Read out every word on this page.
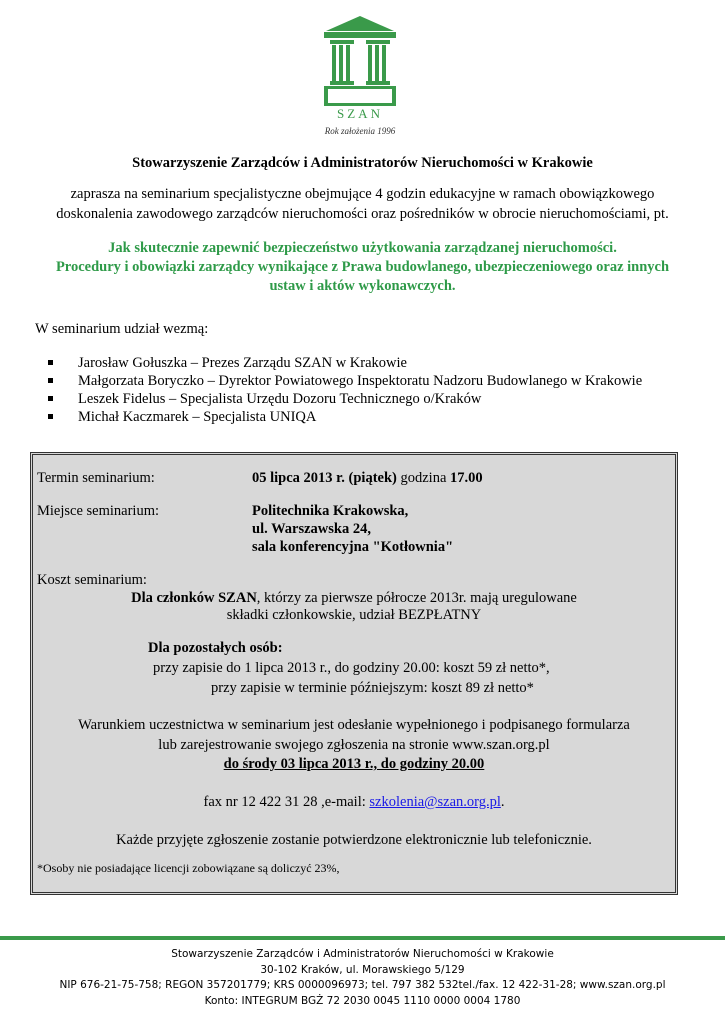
SZAN
Rok założenia 1996
Stowarzyszenie Zarządców i Administratorów Nieruchomości w Krakowie
zaprasza na seminarium specjalistyczne obejmujące 4 godzin edukacyjne w ramach obowiązkowego
doskonalenia zawodowego zarządców nieruchomości oraz pośredników w obrocie nieruchomościami, pt.
Jak skutecznie zapewnić bezpieczeństwo użytkowania zarządzanej nieruchomości.
Procedury i obowiązki zarządcy wynikające z Prawa budowlanego, ubezpieczeniowego oraz innych
ustaw i aktów wykonawczych.
W seminarium udział wezmą:
Jarosław Gołuszka – Prezes Zarządu SZAN w Krakowie
Małgorzata Boryczko – Dyrektor Powiatowego Inspektoratu Nadzoru Budowlanego w Krakowie
Leszek Fidelus – Specjalista Urzędu Dozoru Technicznego o/Kraków
Michał Kaczmarek – Specjalista UNIQA
Termin seminarium:	05 lipca 2013 r. (piątek) godzina 17.00
Miejsce seminarium:	Politechnika Krakowska,
ul. Warszawska 24,
sala konferencyjna "Kotłownia"
Koszt seminarium:
Dla członków SZAN, którzy za pierwsze półrocze 2013r. mają uregulowane
składki członkowskie, udział BEZPŁATNY
Dla pozostałych osób:
przy zapisie do 1 lipca 2013 r., do godziny 20.00: koszt 59 zł netto*,
przy zapisie w terminie późniejszym: koszt 89 zł netto*
Warunkiem uczestnictwa w seminarium jest odesłanie wypełnionego i podpisanego formularza
lub zarejestrowanie swojego zgłoszenia na stronie www.szan.org.pl
do środy 03 lipca 2013 r., do godziny 20.00
fax nr 12 422 31 28 ,e-mail: szkolenia@szan.org.pl.
Każde przyjęte zgłoszenie zostanie potwierdzone elektronicznie lub telefonicznie.
*Osoby nie posiadające licencji zobowiązane są doliczyć 23%,
Stowarzyszenie Zarządców i Administratorów Nieruchomości w Krakowie
30-102 Kraków, ul. Morawskiego 5/129
NIP 676-21-75-758; REGON 357201779; KRS 0000096973; tel. 797 382 532tel./fax. 12 422-31-28; www.szan.org.pl
Konto: INTEGRUM BGŻ 72 2030 0045 1110 0000 0004 1780
